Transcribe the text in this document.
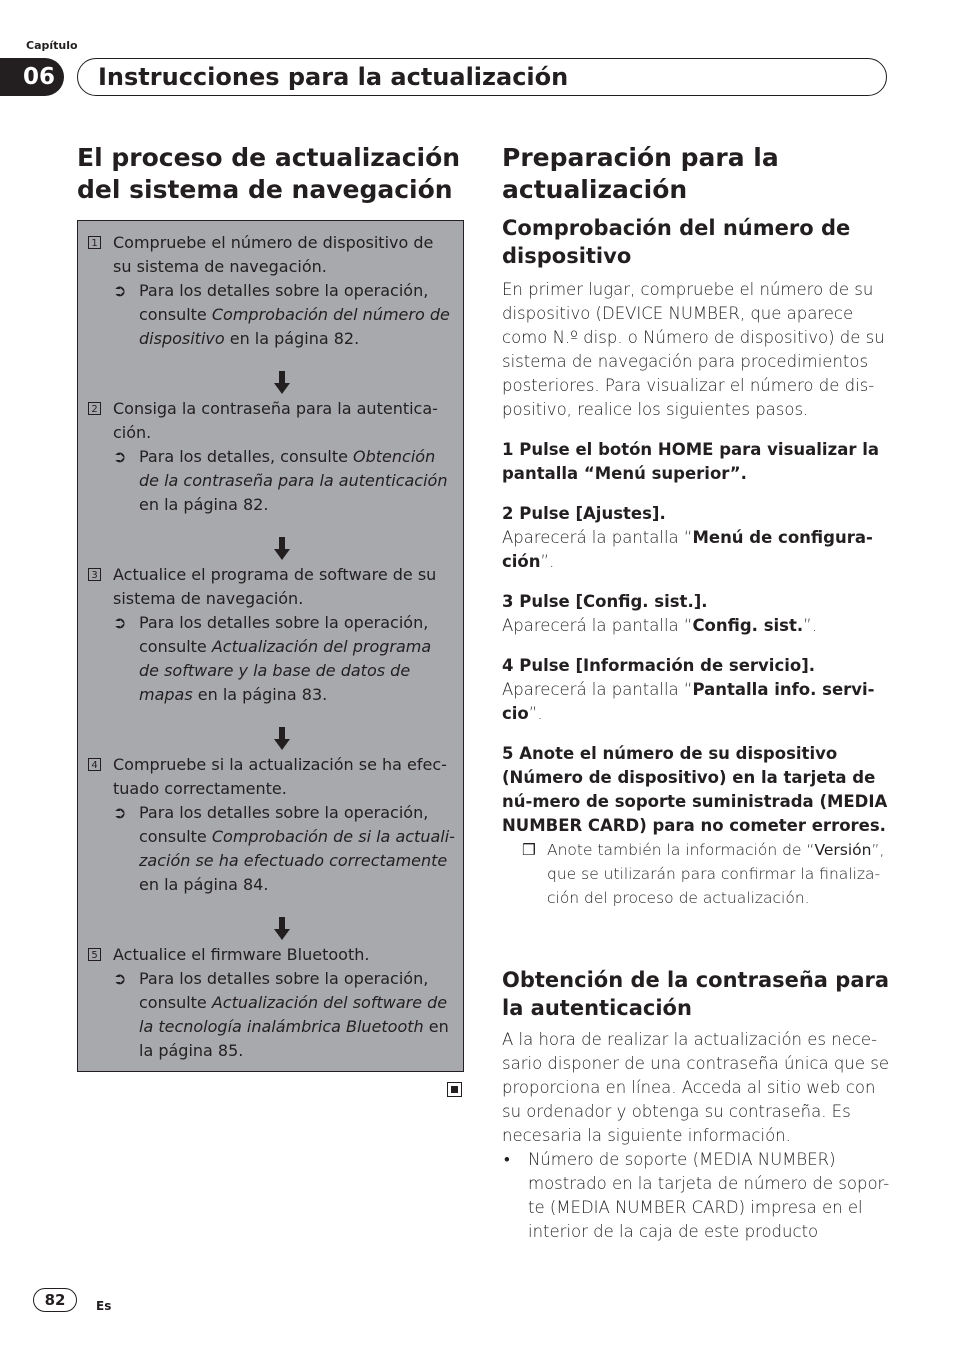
Capítulo
06	Instrucciones para la actualización
El proceso de actualización
del sistema de navegación
1 Compruebe el número de dispositivo de su sistema de navegación.
➲ Para los detalles sobre la operación, consulte Comprobación del número de dispositivo en la página 82.
2 Consiga la contraseña para la autentica-ción.
➲ Para los detalles, consulte Obtención de la contraseña para la autenticación en la página 82.
3 Actualice el programa de software de su sistema de navegación.
➲ Para los detalles sobre la operación, consulte Actualización del programa de software y la base de datos de mapas en la página 83.
4 Compruebe si la actualización se ha efec-tuado correctamente.
➲ Para los detalles sobre la operación, consulte Comprobación de si la actuali-zación se ha efectuado correctamente en la página 84.
5 Actualice el firmware Bluetooth.
➲ Para los detalles sobre la operación, consulte Actualización del software de la tecnología inalámbrica Bluetooth en la página 85.
Preparación para la
actualización
Comprobación del número de dispositivo

En primer lugar, compruebe el número de su dispositivo (DEVICE NUMBER, que aparece como N.º disp. o Número de dispositivo) de su sistema de navegación para procedimientos posteriores. Para visualizar el número de dis-positivo, realice los siguientes pasos.

1 Pulse el botón HOME para visualizar la pantalla “Menú superior”.

2 Pulse [Ajustes].

Aparecerá la pantalla “Menú de configura-ción”.

3 Pulse [Config. sist.].

Aparecerá la pantalla “Config. sist.”.

4 Pulse [Información de servicio].

Aparecerá la pantalla “Pantalla info. servi-cio”.

5 Anote el número de su dispositivo (Número de dispositivo) en la tarjeta de nú-mero de soporte suministrada (MEDIA NUMBER CARD) para no cometer errores.

❒ Anote también la información de “Versión”, que se utilizarán para confirmar la finaliza-ción del proceso de actualización.
Obtención de la contraseña para la autenticación

A la hora de realizar la actualización es nece-sario disponer de una contraseña única que se proporciona en línea. Acceda al sitio web con su ordenador y obtenga su contraseña. Es necesaria la siguiente información.

• Número de soporte (MEDIA NUMBER) mostrado en la tarjeta de número de sopor-te (MEDIA NUMBER CARD) impresa en el interior de la caja de este producto
82	Es
